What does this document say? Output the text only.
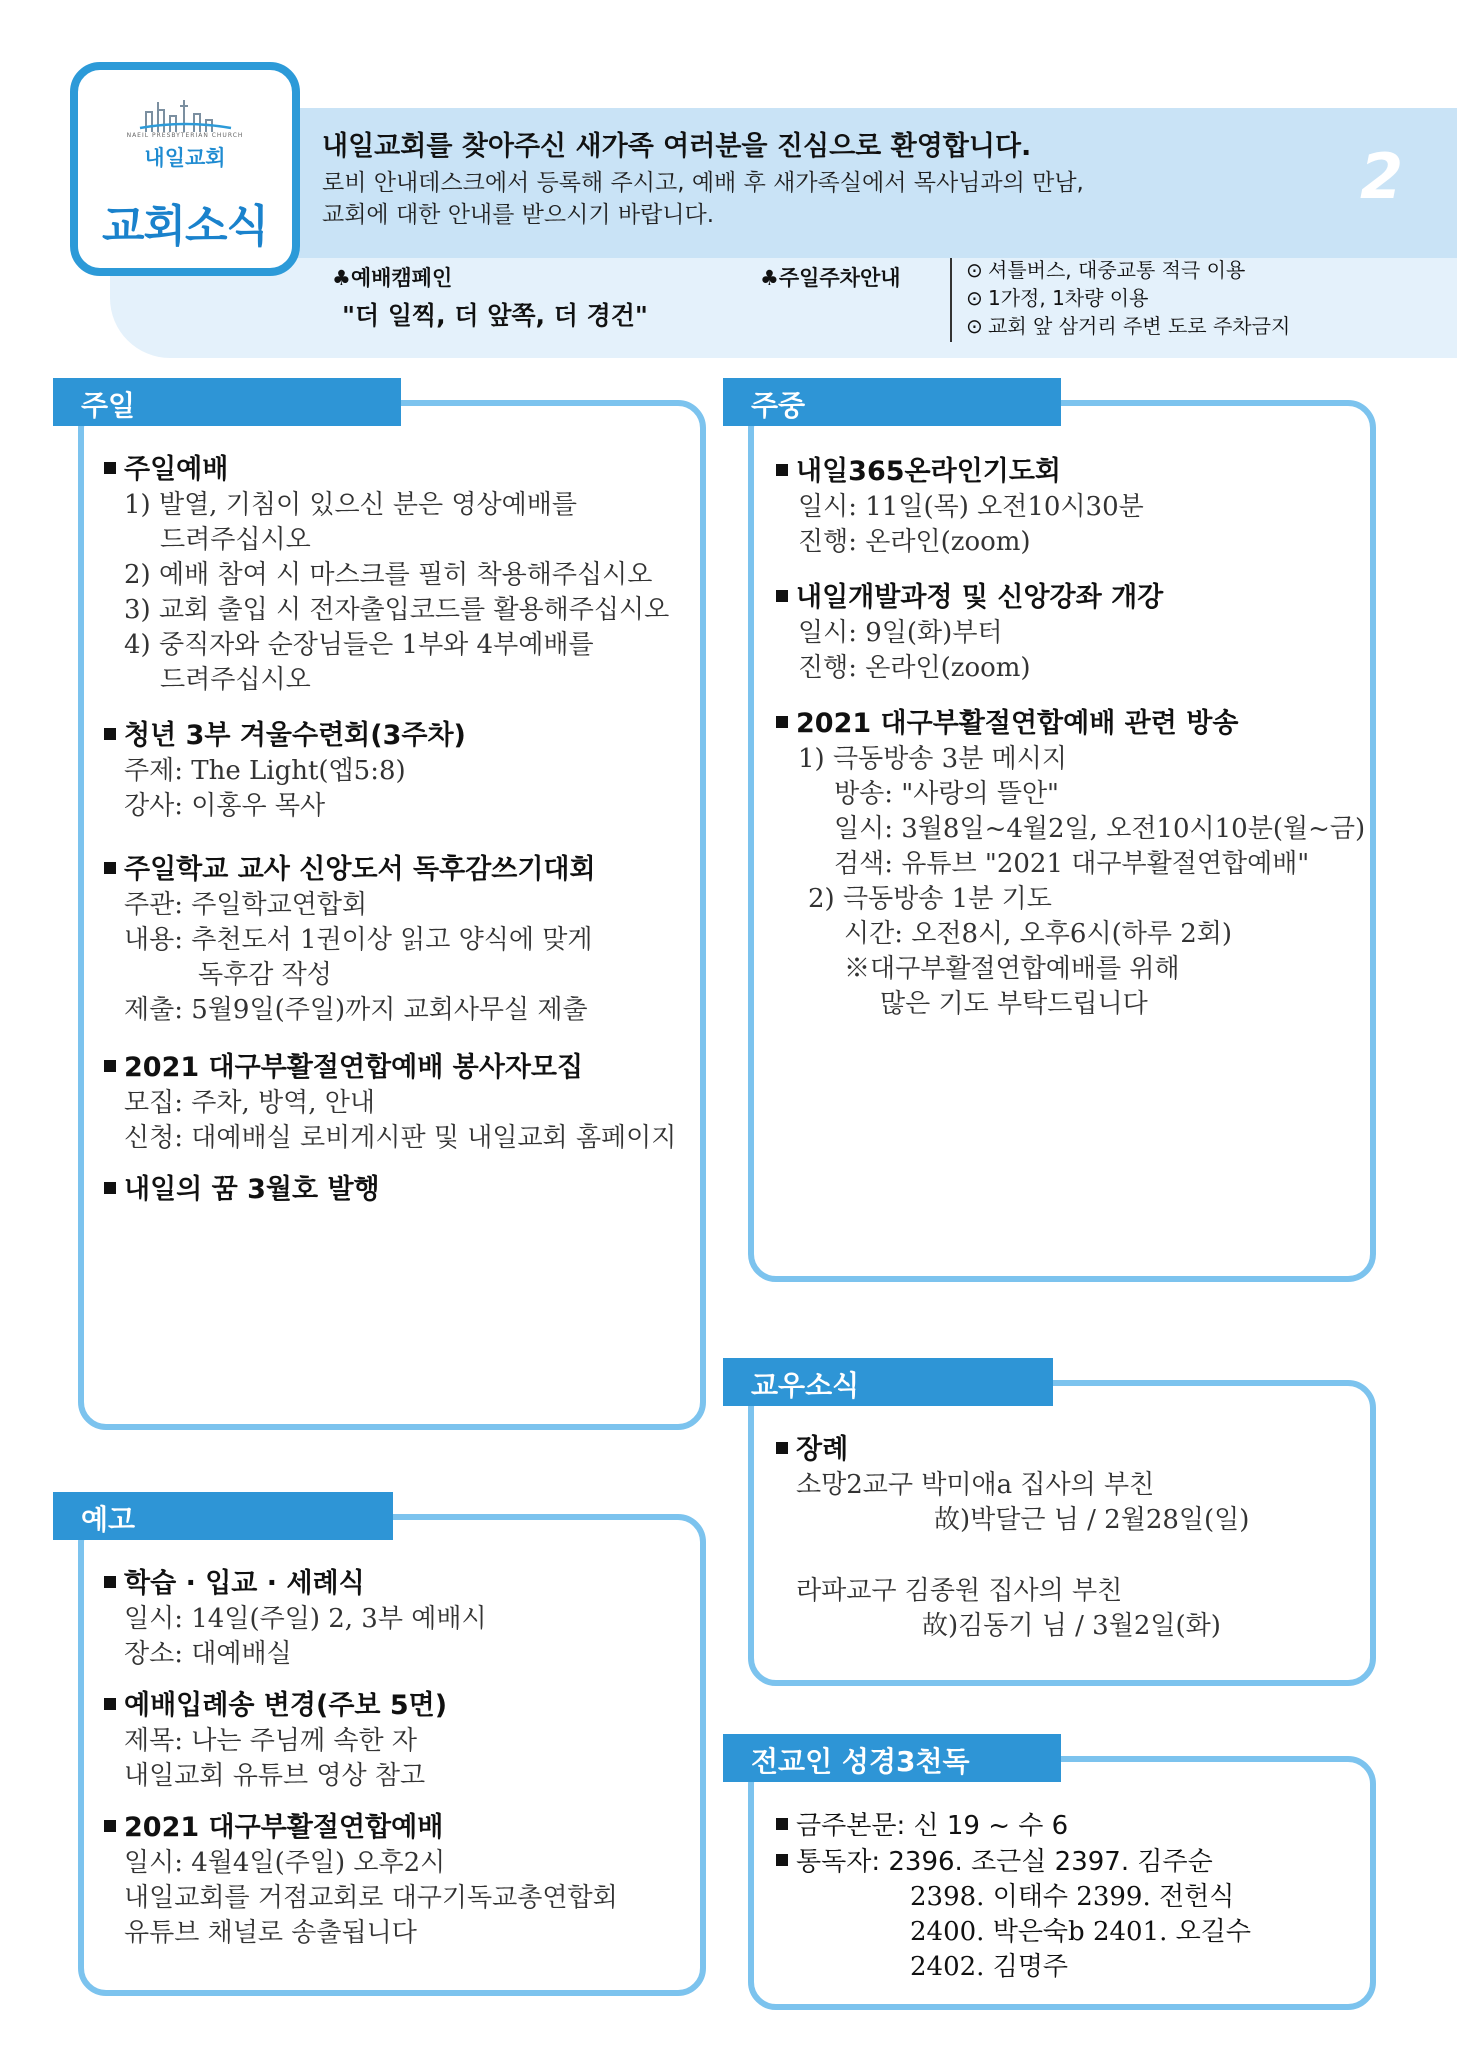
NAEIL PRESBYTERIAN CHURCH
내일교회
교회소식
내일교회를 찾아주신 새가족 여러분을 진심으로 환영합니다.
로비 안내데스크에서 등록해 주시고, 예배 후 새가족실에서 목사님과의 만남,
교회에 대한 안내를 받으시기 바랍니다.
2
♣예배캠페인
"더 일찍, 더 앞쪽, 더 경건"
♣주일주차안내	⊙ 셔틀버스, 대중교통 적극 이용
⊙ 1가정, 1차량 이용
⊙ 교회 앞 삼거리 주변 도로 주차금지
주일
주일예배
1) 발열, 기침이 있으신 분은 영상예배를
드려주십시오
2) 예배 참여 시 마스크를 필히 착용해주십시오
3) 교회 출입 시 전자출입코드를 활용해주십시오
4) 중직자와 순장님들은 1부와 4부예배를
드려주십시오
청년 3부 겨울수련회(3주차)
주제: The Light(엡5:8)
강사: 이홍우 목사
주일학교 교사 신앙도서 독후감쓰기대회
주관: 주일학교연합회
내용: 추천도서 1권이상 읽고 양식에 맞게
독후감 작성
제출: 5월9일(주일)까지 교회사무실 제출
2021 대구부활절연합예배 봉사자모집
모집: 주차, 방역, 안내
신청: 대예배실 로비게시판 및 내일교회 홈페이지
내일의 꿈 3월호 발행
주중
내일365온라인기도회
일시: 11일(목) 오전10시30분
진행: 온라인(zoom)
내일개발과정 및 신앙강좌 개강
일시: 9일(화)부터
진행: 온라인(zoom)
2021 대구부활절연합예배 관련 방송
1) 극동방송 3분 메시지
방송: "사랑의 뜰안"
일시: 3월8일~4월2일, 오전10시10분(월~금)
검색: 유튜브 "2021 대구부활절연합예배"
2) 극동방송 1분 기도
시간: 오전8시, 오후6시(하루 2회)
※대구부활절연합예배를 위해
많은 기도 부탁드립니다
예고
학습 · 입교 · 세례식
일시: 14일(주일) 2, 3부 예배시
장소: 대예배실
예배입례송 변경(주보 5면)
제목: 나는 주님께 속한 자
내일교회 유튜브 영상 참고
2021 대구부활절연합예배
일시: 4월4일(주일) 오후2시
내일교회를 거점교회로 대구기독교총연합회
유튜브 채널로 송출됩니다
교우소식
장례
소망2교구 박미애a 집사의 부친
故)박달근 님 / 2월28일(일)
라파교구 김종원 집사의 부친
故)김동기 님 / 3월2일(화)
전교인 성경3천독
금주본문: 신 19 ~ 수 6
통독자: 2396. 조근실 2397. 김주순
2398. 이태수 2399. 전헌식
2400. 박은숙b 2401. 오길수
2402. 김명주
